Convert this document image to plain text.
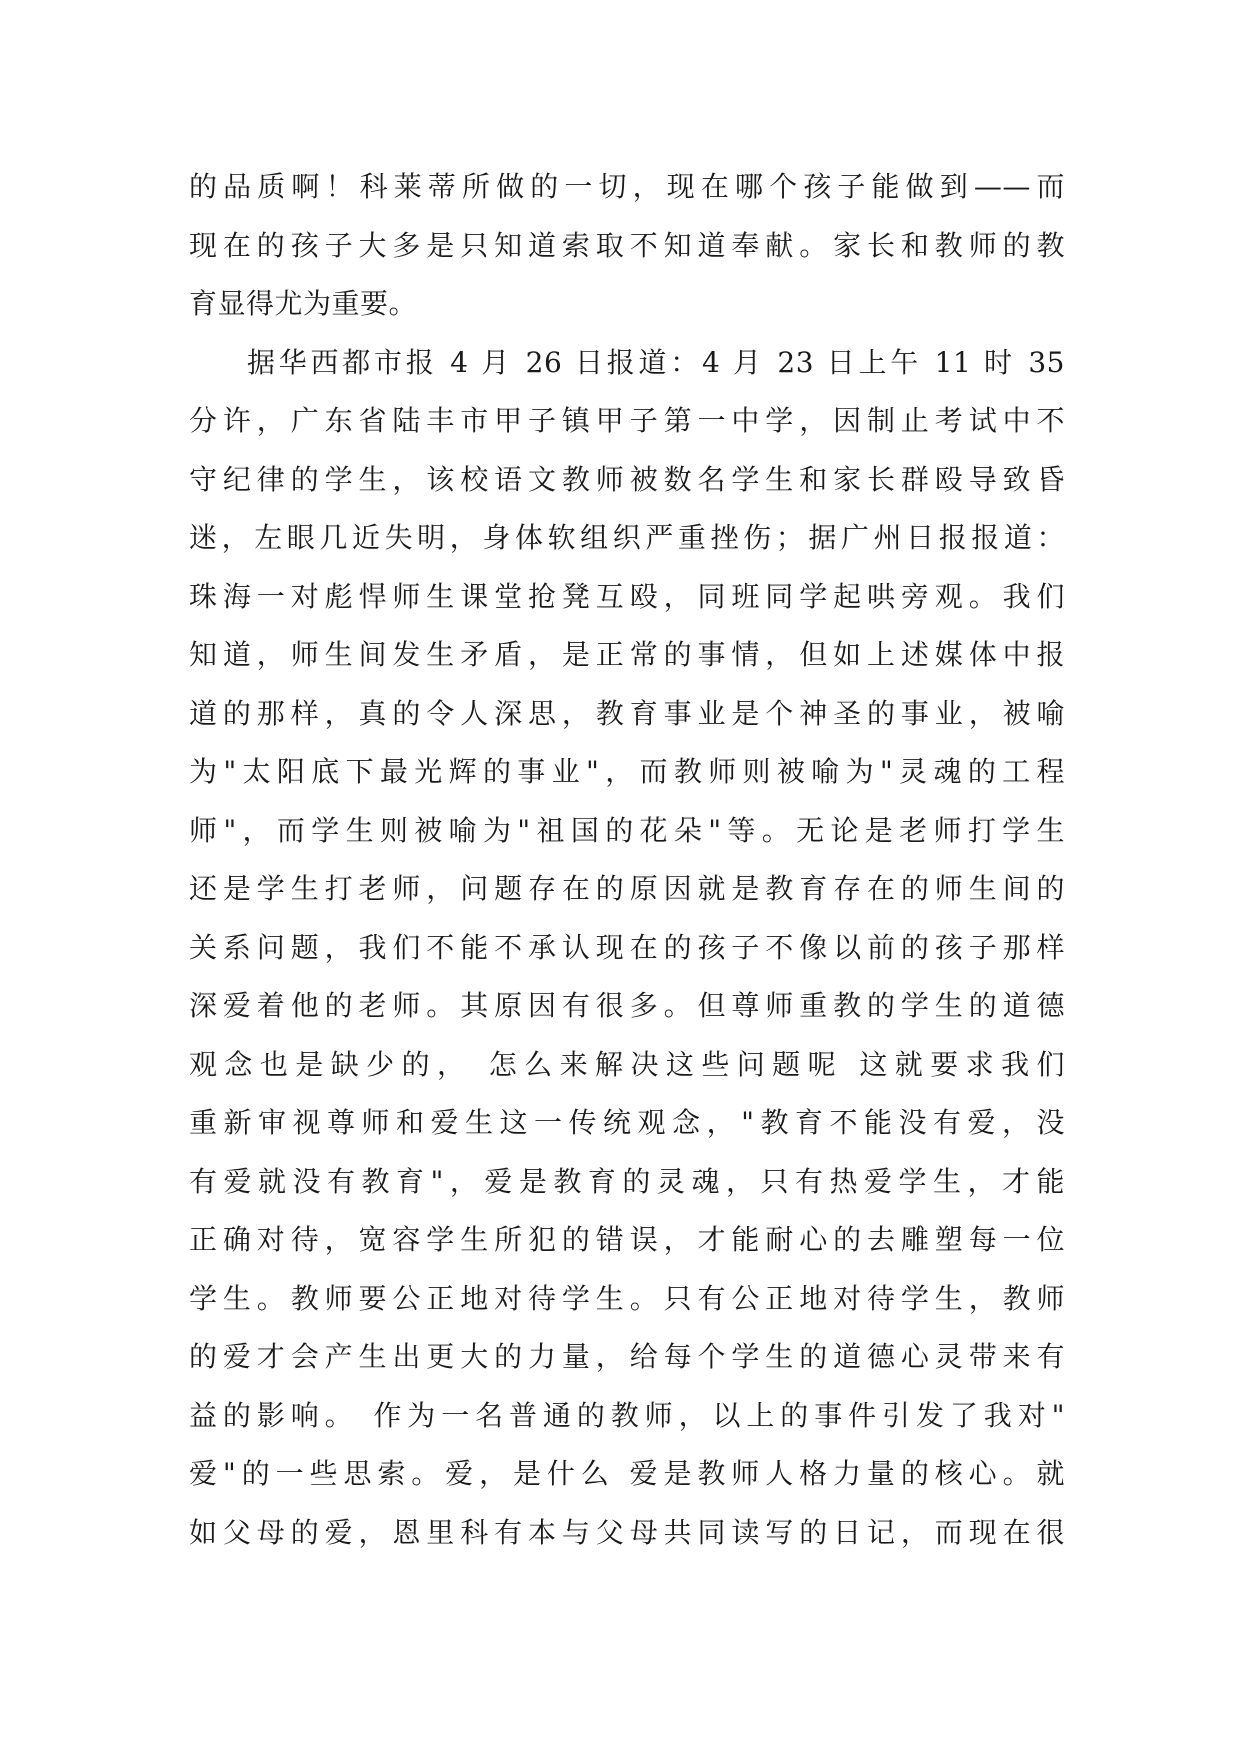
的品质啊！科莱蒂所做的一切，现在哪个孩子能做到——而
现在的孩子大多是只知道索取不知道奉献。家长和教师的教
育显得尤为重要。
据华西都市报 4 月 26 日报道：4 月 23 日上午 11 时 35
分许，广东省陆丰市甲子镇甲子第一中学，因制止考试中不
守纪律的学生，该校语文教师被数名学生和家长群殴导致昏
迷，左眼几近失明，身体软组织严重挫伤；据广州日报报道：
珠海一对彪悍师生课堂抢凳互殴，同班同学起哄旁观。我们
知道，师生间发生矛盾，是正常的事情，但如上述媒体中报
道的那样，真的令人深思，教育事业是个神圣的事业，被喻
为"太阳底下最光辉的事业"，而教师则被喻为"灵魂的工程
师"，而学生则被喻为"祖国的花朵"等。无论是老师打学生
还是学生打老师，问题存在的原因就是教育存在的师生间的
关系问题，我们不能不承认现在的孩子不像以前的孩子那样
深爱着他的老师。其原因有很多。但尊师重教的学生的道德
观念也是缺少的， 怎么来解决这些问题呢 这就要求我们
重新审视尊师和爱生这一传统观念，"教育不能没有爱，没
有爱就没有教育"，爱是教育的灵魂，只有热爱学生，才能
正确对待，宽容学生所犯的错误，才能耐心的去雕塑每一位
学生。教师要公正地对待学生。只有公正地对待学生，教师
的爱才会产生出更大的力量，给每个学生的道德心灵带来有
益的影响。 作为一名普通的教师，以上的事件引发了我对"
爱"的一些思索。爱，是什么 爱是教师人格力量的核心。就
如父母的爱，恩里科有本与父母共同读写的日记，而现在很
